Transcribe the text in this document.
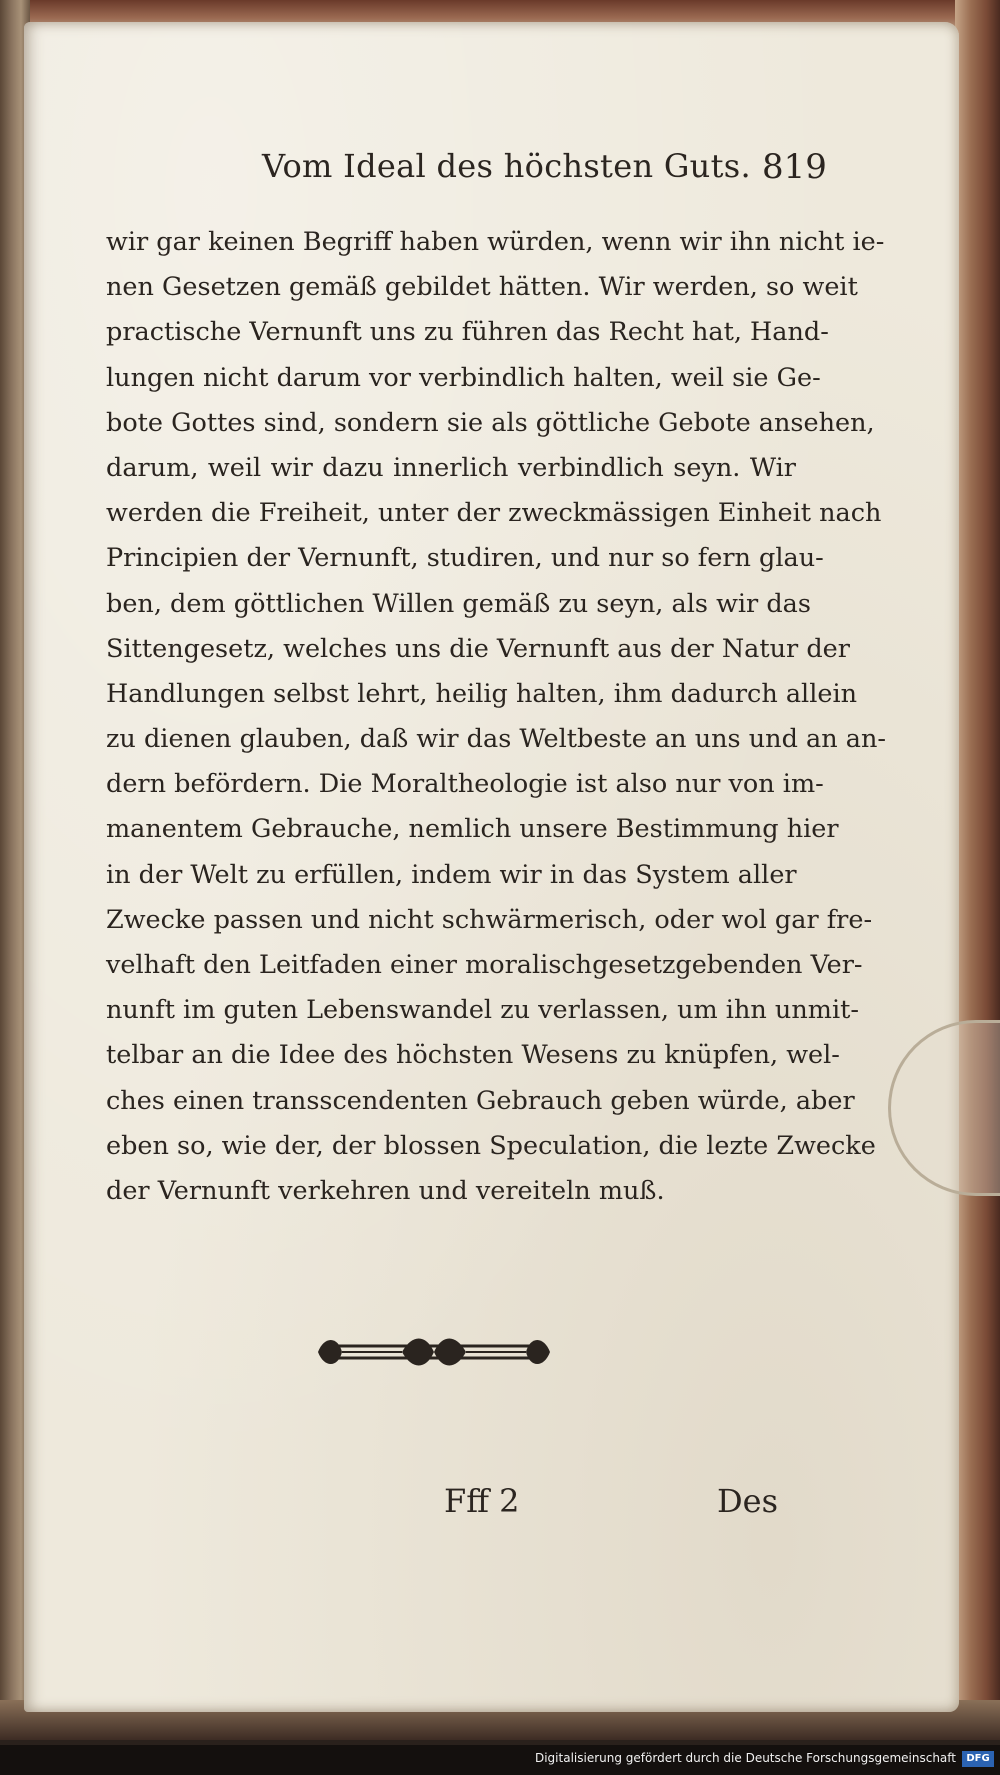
Vom Ideal des höchsten Guts. 819
wir gar keinen Begriff haben würden, wenn wir ihn nicht ie-
nen Gesetzen gemäß gebildet hätten. Wir werden, so weit
practische Vernunft uns zu führen das Recht hat, Hand-
lungen nicht darum vor verbindlich halten, weil sie Ge-
bote Gottes sind, sondern sie als göttliche Gebote ansehen,
darum, weil wir dazu innerlich verbindlich seyn. Wir
werden die Freiheit, unter der zweckmässigen Einheit nach
Principien der Vernunft, studiren, und nur so fern glau-
ben, dem göttlichen Willen gemäß zu seyn, als wir das
Sittengesetz, welches uns die Vernunft aus der Natur der
Handlungen selbst lehrt, heilig halten, ihm dadurch allein
zu dienen glauben, daß wir das Weltbeste an uns und an an-
dern befördern. Die Moraltheologie ist also nur von im-
manentem Gebrauche, nemlich unsere Bestimmung hier
in der Welt zu erfüllen, indem wir in das System aller
Zwecke passen und nicht schwärmerisch, oder wol gar fre-
velhaft den Leitfaden einer moralischgesetzgebenden Ver-
nunft im guten Lebenswandel zu verlassen, um ihn unmit-
telbar an die Idee des höchsten Wesens zu knüpfen, wel-
ches einen transscendenten Gebrauch geben würde, aber
eben so, wie der, der blossen Speculation, die lezte Zwecke
der Vernunft verkehren und vereiteln muß.
Fff 2	Des
Digitalisierung gefördert durch die Deutsche Forschungsgemeinschaft	DFG
